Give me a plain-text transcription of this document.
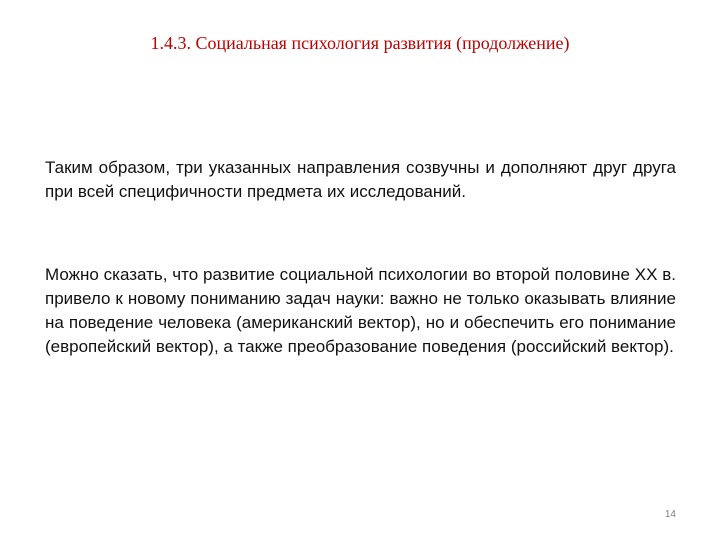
1.4.3. Социальная психология развития (продолжение)

Таким образом, три указанных направления созвучны и дополняют друг друга при всей специфичности предмета их исследований.

Можно сказать, что развитие социальной психологии во второй половине XX в. привело к новому пониманию задач науки: важно не только оказывать влияние на поведение человека (американский вектор), но и обеспечить его понимание (европейский вектор), а также преобразование поведения (российский вектор).

14
